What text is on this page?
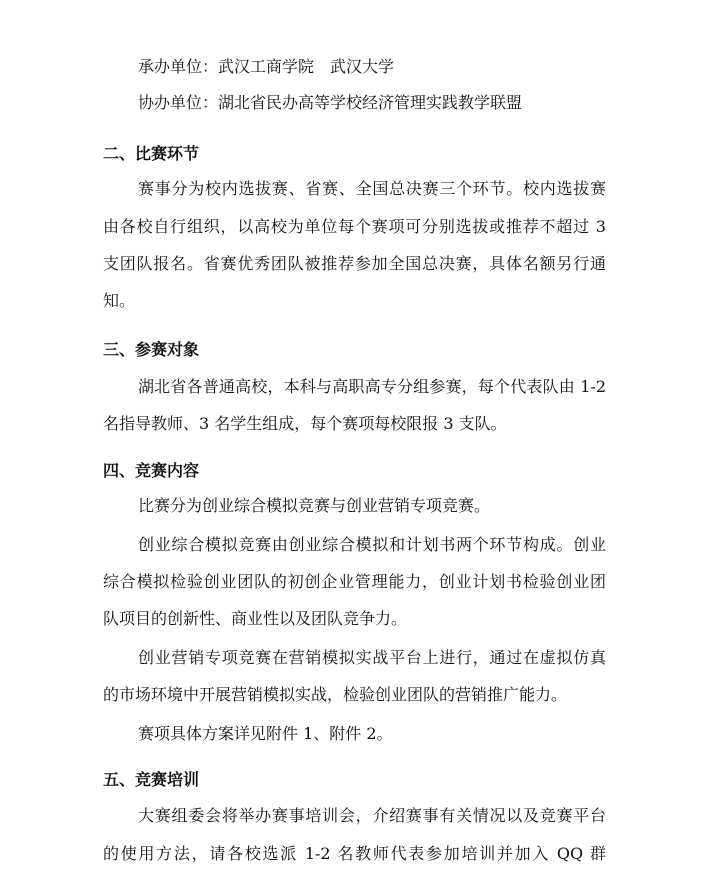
承办单位：武汉工商学院　武汉大学
协办单位：湖北省民办高等学校经济管理实践教学联盟
二、比赛环节
赛事分为校内选拔赛、省赛、全国总决赛三个环节。校内选拔赛
由各校自行组织，以高校为单位每个赛项可分别选拔或推荐不超过 3
支团队报名。省赛优秀团队被推荐参加全国总决赛，具体名额另行通
知。
三、参赛对象
湖北省各普通高校，本科与高职高专分组参赛，每个代表队由 1-2
名指导教师、3 名学生组成，每个赛项每校限报 3 支队。
四、竞赛内容
比赛分为创业综合模拟竞赛与创业营销专项竞赛。
创业综合模拟竞赛由创业综合模拟和计划书两个环节构成。创业
综合模拟检验创业团队的初创企业管理能力，创业计划书检验创业团
队项目的创新性、商业性以及团队竞争力。
创业营销专项竞赛在营销模拟实战平台上进行，通过在虚拟仿真
的市场环境中开展营销模拟实战，检验创业团队的营销推广能力。
赛项具体方案详见附件 1、附件 2。
五、竞赛培训
大赛组委会将举办赛事培训会，介绍赛事有关情况以及竞赛平台
的使用方法，请各校选派 1-2 名教师代表参加培训并加入 QQ 群
